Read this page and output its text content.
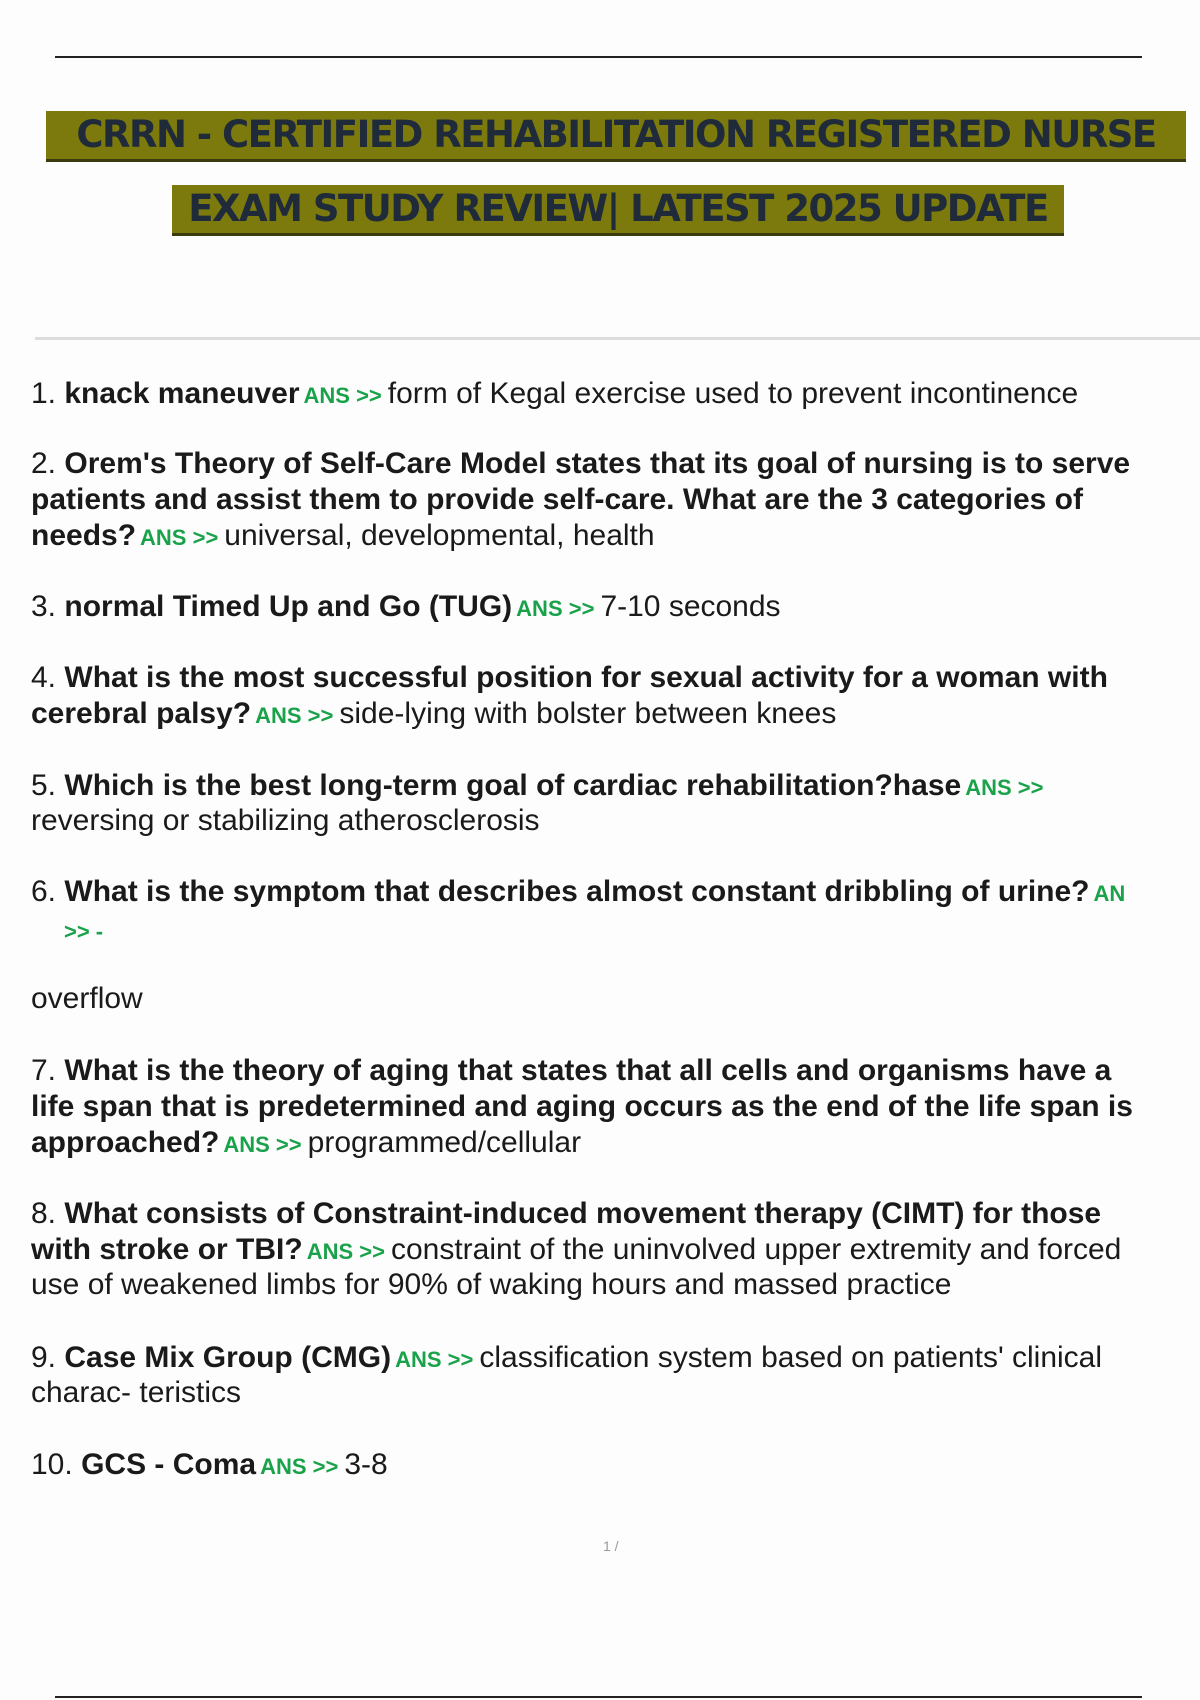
CRRN - CERTIFIED REHABILITATION REGISTERED NURSE
EXAM STUDY REVIEW| LATEST 2025 UPDATE
1. knack maneuver ANS >> form of Kegal exercise used to prevent incontinence
2. Orem's Theory of Self-Care Model states that its goal of nursing is to serve
patients and assist them to provide self-care. What are the 3 categories of
needs? ANS >> universal, developmental, health
3. normal Timed Up and Go (TUG) ANS >> 7-10 seconds
4. What is the most successful position for sexual activity for a woman with
cerebral palsy? ANS >> side-lying with bolster between knees
5. Which is the best long-term goal of cardiac rehabilitation?hase ANS >>
reversing or stabilizing atherosclerosis
6. What is the symptom that describes almost constant dribbling of urine? AN
>> -
overflow
7. What is the theory of aging that states that all cells and organisms have a
life span that is predetermined and aging occurs as the end of the life span is
approached? ANS >> programmed/cellular
8. What consists of Constraint-induced movement therapy (CIMT) for those
with stroke or TBI? ANS >> constraint of the uninvolved upper extremity and forced
use of weakened limbs for 90% of waking hours and massed practice
9. Case Mix Group (CMG) ANS >> classification system based on patients' clinical
charac- teristics
10. GCS - Coma ANS >> 3-8
1 /
